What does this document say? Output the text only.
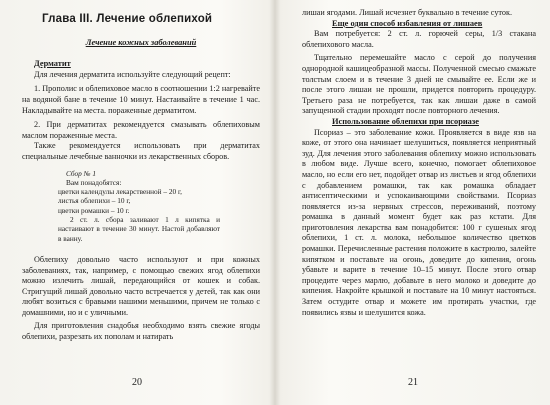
Глава III. Лечение облепихой

Лечение кожных заболеваний

Дерматит

Для лечения дерматита используйте следующий рецепт:

1. Прополис и облепиховое масло в соотношении 1:2 нагревайте на водяной бане в течение 10 минут. Настаивайте в течение 1 час. Накладывайте на места. пораженные дерматитом.

2. При дерматитах рекомендуется смазывать облепиховым маслом пораженные места.

Также рекомендуется использовать при дерматитах специальные лечебные ванночки из лекарственных сборов.

Сбор № 1

Вам понадобятся:

цветки календулы лекарственной – 20 г,

листья облепихи – 10 г,

цветки ромашки – 10 г.

2 ст. л. сбора заливают 1 л кипятка и настаивают в течение 30 минут. Настой добавляют в ванну.

Облепиху довольно часто используют и при кожных заболеваниях, так, например, с помощью свежих ягод облепихи можно излечить лишай, передающийся от кошек и собак. Стригущий лишай довольно часто встречается у детей, так как они любят возиться с бравыми нашими меньшими, причем не только с домашними, но и с уличными.

Для приготовления снадобья необходимо взять свежие ягоды облепихи, разрезать их пополам и натирать

20

лишаи ягодами. Лишай исчезнет буквально в течение суток.

Еще один способ избавления от лишаев

Вам потребуется: 2 ст. л. горючей серы, 1/3 стакана облепихового масла.

Тщательно перемешайте масло с серой до получения однородной кашицеобразной массы. Полученной смесью смажьте толстым слоем и в течение 3 дней не смывайте ее. Если же и после этого лишаи не прошли, придется повторить процедуру. Третьего раза не потребуется, так как лишаи даже в самой запущенной стадии проходят после повторного лечения.

Использование облепихи при псориазе

Псориаз – это заболевание кожи. Проявляется в виде язв на коже, от этого она начинает шелушиться, появляется неприятный зуд. Для лечения этого заболевания облепиху можно использовать в любом виде. Лучше всего, конечно, помогает облепиховое масло, но если его нет, подойдет отвар из листьев и ягод облепихи с добавлением ромашки, так как ромашка обладает антисептическими и успокаивающими свойствами. Псориаз появляется из-за нервных стрессов, переживаний, поэтому ромашка в данный момент будет как раз кстати. Для приготовления лекарства вам понадобится: 100 г сушеных ягод облепихи, 1 ст. л. молока, небольшое количество цветков ромашки. Перечисленные растения положите в кастрюлю, залейте кипятком и поставьте на огонь, доведите до кипения, огонь убавьте и варите в течение 10–15 минут. После этого отвар процедите через марлю, добавьте в него молоко и доведите до кипения. Накройте крышкой и поставьте на 10 минут настояться. Затем остудите отвар и можете им протирать участки, где появились язвы и шелушится кожа.

21
